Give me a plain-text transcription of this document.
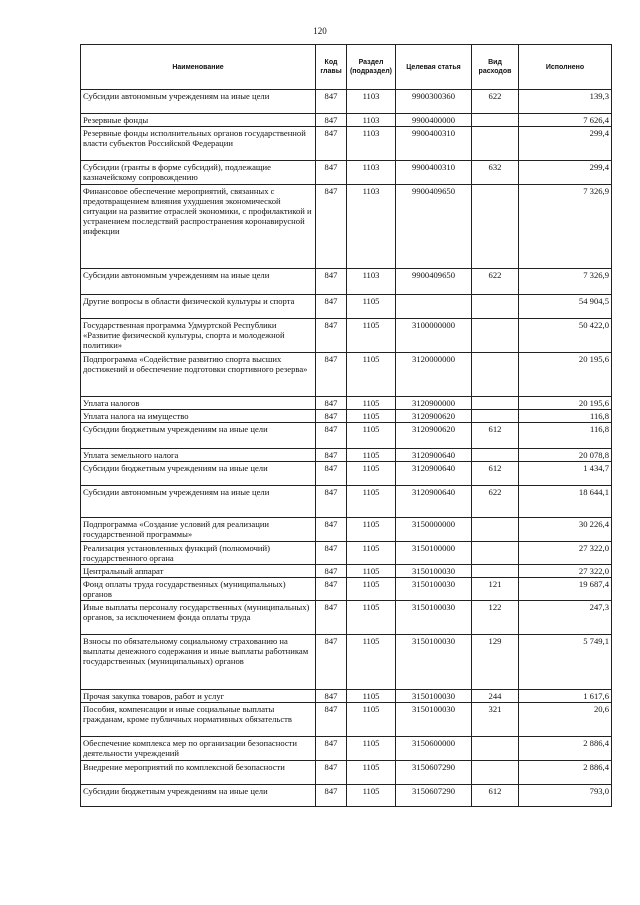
120
Наименование	Код главы	Раздел (подраздел)	Целевая статья	Вид расходов	Исполнено
Субсидии автономным учреждениям на иные цели	847	1103	9900300360	622	139,3
Резервные фонды	847	1103	9900400000		7 626,4
Резервные фонды исполнительных органов государственной власти субъектов Российской Федерации	847	1103	9900400310		299,4
Субсидии (гранты в форме субсидий), подлежащие казначейскому сопровождению	847	1103	9900400310	632	299,4
Финансовое обеспечение мероприятий, связанных с предотвращением влияния ухудшения экономической ситуации на развитие отраслей экономики, с профилактикой и устранением последствий распространения коронавирусной инфекции	847	1103	9900409650		7 326,9
Субсидии автономным учреждениям на иные цели	847	1103	9900409650	622	7 326,9
Другие вопросы в области физической культуры и спорта	847	1105			54 904,5
Государственная программа Удмуртской Республики «Развитие физической культуры, спорта и молодежной политики»	847	1105	3100000000		50 422,0
Подпрограмма «Содействие развитию спорта высших достижений и обеспечение подготовки спортивного резерва»	847	1105	3120000000		20 195,6
Уплата налогов	847	1105	3120900000		20 195,6
Уплата налога на имущество	847	1105	3120900620		116,8
Субсидии бюджетным учреждениям на иные цели	847	1105	3120900620	612	116,8
Уплата земельного налога	847	1105	3120900640		20 078,8
Субсидии бюджетным учреждениям на иные цели	847	1105	3120900640	612	1 434,7
Субсидии автономным учреждениям на иные цели	847	1105	3120900640	622	18 644,1
Подпрограмма «Создание условий для реализации государственной программы»	847	1105	3150000000		30 226,4
Реализация установленных функций (полномочий) государственного органа	847	1105	3150100000		27 322,0
Центральный аппарат	847	1105	3150100030		27 322,0
Фонд оплаты труда государственных (муниципальных) органов	847	1105	3150100030	121	19 687,4
Иные выплаты персоналу государственных (муниципальных) органов, за исключением фонда оплаты труда	847	1105	3150100030	122	247,3
Взносы по обязательному социальному страхованию на выплаты денежного содержания и иные выплаты работникам государственных (муниципальных) органов	847	1105	3150100030	129	5 749,1
Прочая закупка товаров, работ и услуг	847	1105	3150100030	244	1 617,6
Пособия, компенсации и иные социальные выплаты гражданам, кроме публичных нормативных обязательств	847	1105	3150100030	321	20,6
Обеспечение комплекса мер по организации безопасности деятельности учреждений	847	1105	3150600000		2 886,4
Внедрение мероприятий по комплексной безопасности	847	1105	3150607290		2 886,4
Субсидии бюджетным учреждениям на иные цели	847	1105	3150607290	612	793,0
